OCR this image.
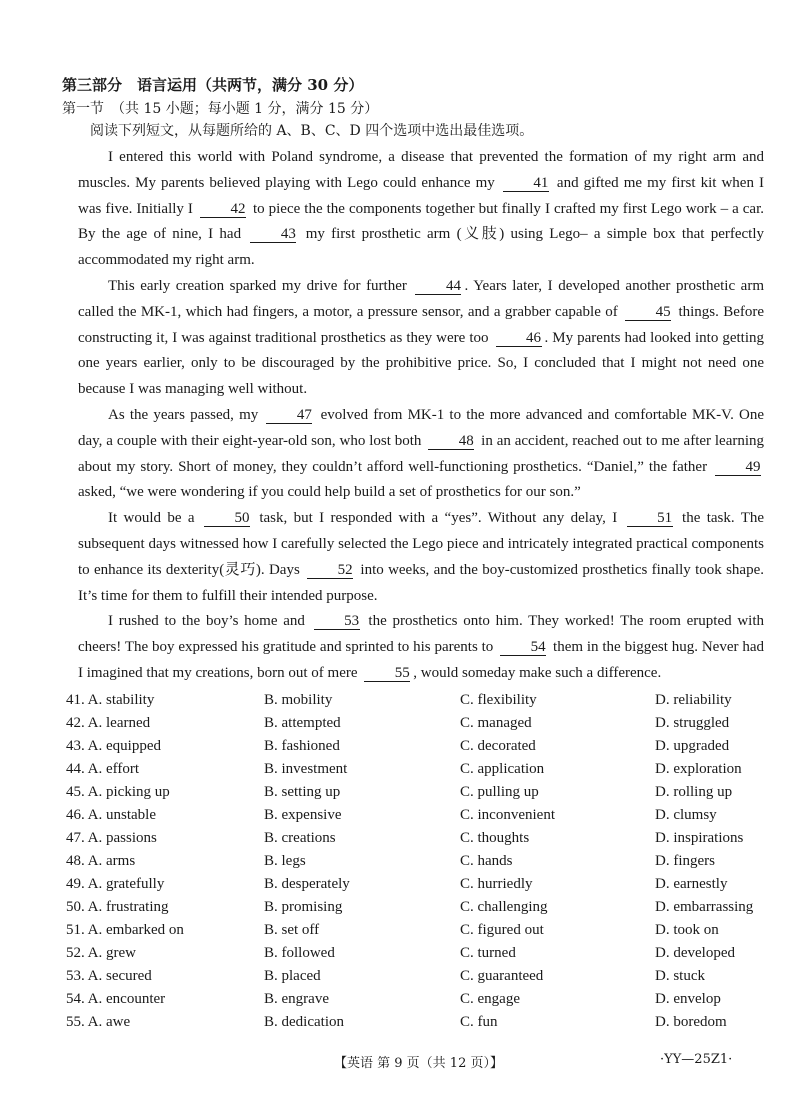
第三部分　语言运用（共两节，满分 30 分）
第一节　（共 15 小题；每小题 1 分，满分 15 分）
阅读下列短文，从每题所给的 A、B、C、D 四个选项中选出最佳选项。

I entered this world with Poland syndrome, a disease that prevented the formation of my right arm and muscles. My parents believed playing with Lego could enhance my	41 and gifted me my first kit when I was five. Initially I	42 to piece the the components together but finally I crafted my first Lego work – a car. By the age of nine, I had	43 my first prosthetic arm (义肢) using Lego– a simple box that perfectly accommodated my right arm.

This early creation sparked my drive for further	44 . Years later, I developed another prosthetic arm called the MK-1, which had fingers, a motor, a pressure sensor, and a grabber capable of	45 things. Before constructing it, I was against traditional prosthetics as they were too	46 . My parents had looked into getting one years earlier, only to be discouraged by the prohibitive price. So, I concluded that I might not need one because I was managing well without.

As the years passed, my	47 evolved from MK-1 to the more advanced and comfortable MK-V. One day, a couple with their eight-year-old son, who lost both 48 in an accident, reached out to me after learning about my story. Short of money, they couldn’t afford well-functioning prosthetics. “Daniel,” the father	49 asked, “we were wondering if you could help build a set of prosthetics for our son.”

It would be a	50 task, but I responded with a “yes”. Without any delay, I	51 the task. The subsequent days witnessed how I carefully selected the Lego piece and intricately integrated practical components to enhance its dexterity(灵巧). Days	52 into weeks, and the boy-customized prosthetics finally took shape. It’s time for them to fulfill their intended purpose.

I rushed to the boy’s home and	53 the prosthetics onto him. They worked! The room erupted with cheers! The boy expressed his gratitude and sprinted to his parents to 54 them in the biggest hug. Never had I imagined that my creations, born out of mere 55 , would someday make such a difference.

41. A. stability	B. mobility	C. flexibility	D. reliability
42. A. learned	B. attempted	C. managed	D. struggled
43. A. equipped	B. fashioned	C. decorated	D. upgraded
44. A. effort	B. investment	C. application	D. exploration
45. A. picking up	B. setting up	C. pulling up	D. rolling up
46. A. unstable	B. expensive	C. inconvenient	D. clumsy
47. A. passions	B. creations	C. thoughts	D. inspirations
48. A. arms	B. legs	C. hands	D. fingers
49. A. gratefully	B. desperately	C. hurriedly	D. earnestly
50. A. frustrating	B. promising	C. challenging	D. embarrassing
51. A. embarked on	B. set off	C. figured out	D. took on
52. A. grew	B. followed	C. turned	D. developed
53. A. secured	B. placed	C. guaranteed	D. stuck
54. A. encounter	B. engrave	C. engage	D. envelop
55. A. awe	B. dedication	C. fun	D. boredom
【英语 第 9 页（共 12 页）】	·YY—25Z1·
